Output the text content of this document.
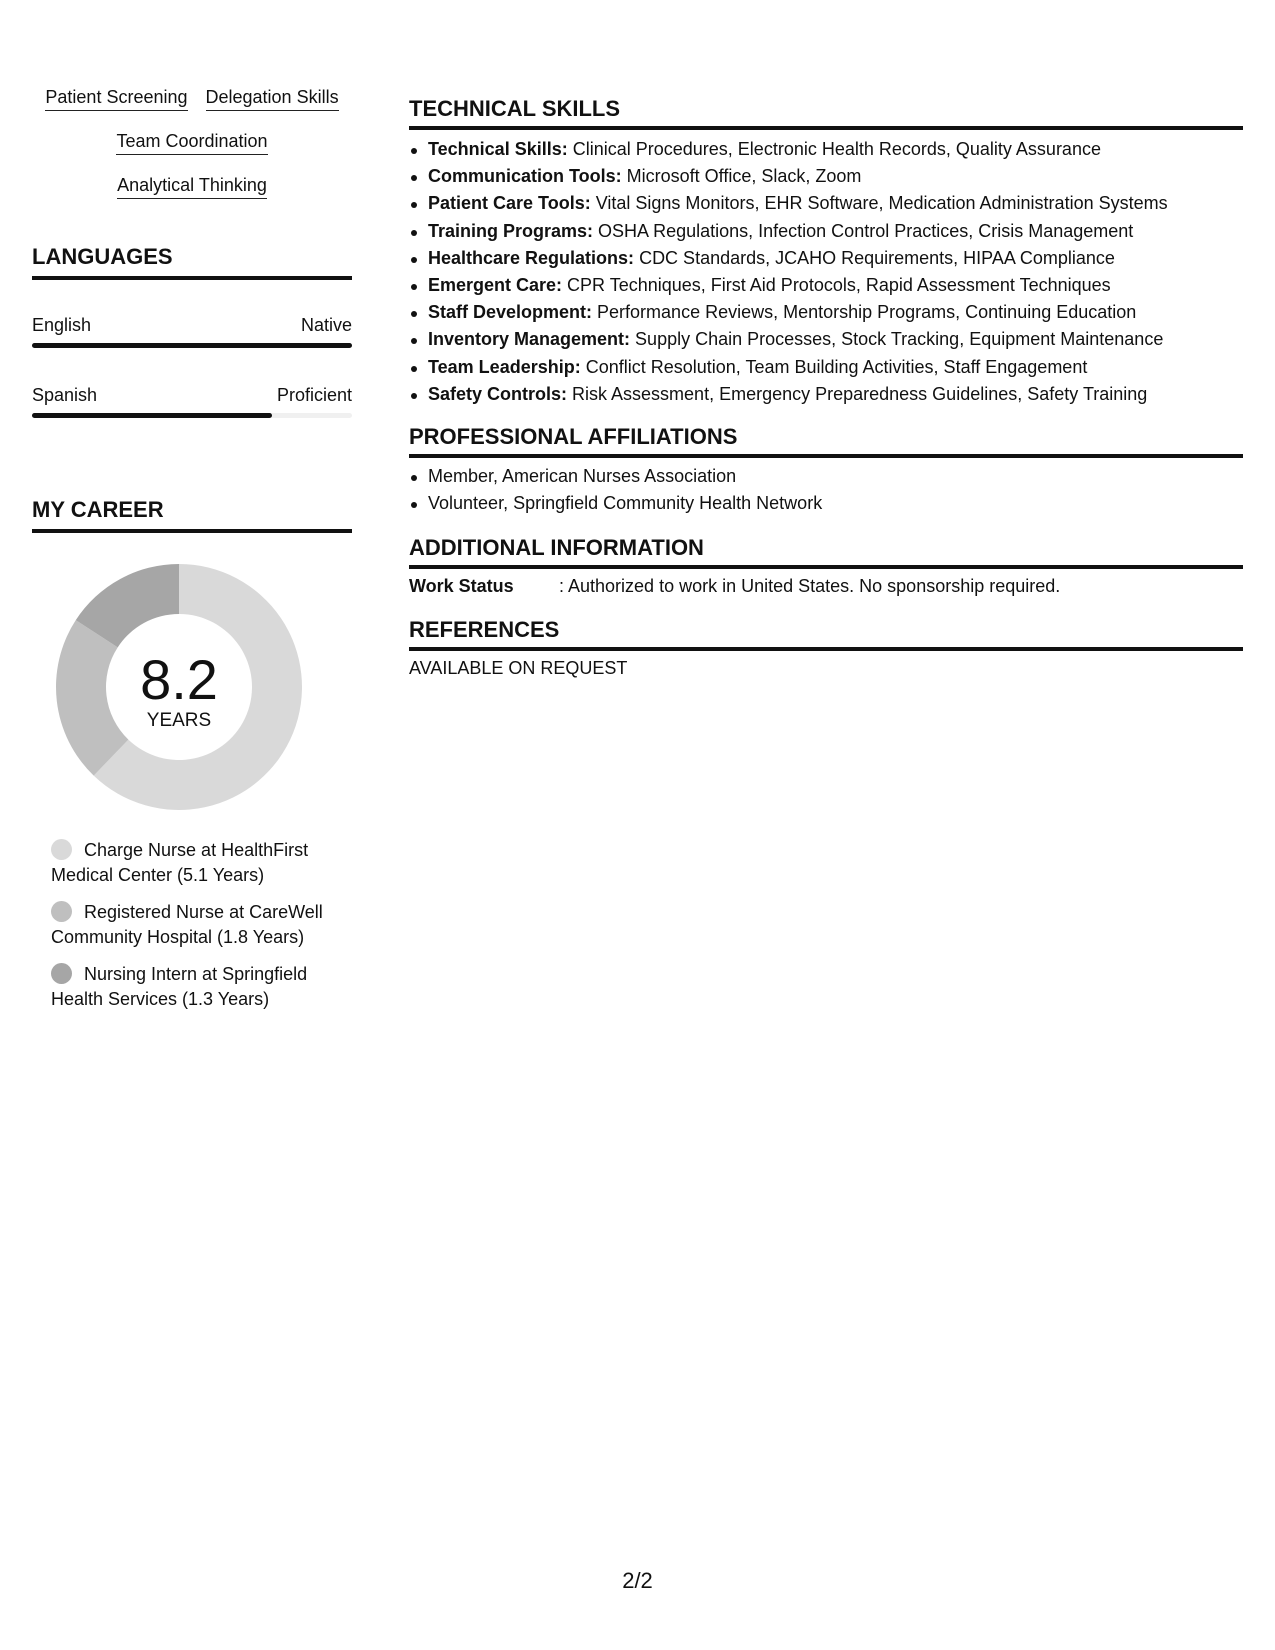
Patient Screening Delegation Skills
Team Coordination
Analytical Thinking
LANGUAGES
English	Native
Spanish	Proficient
MY CAREER
8.2
YEARS
Charge Nurse at HealthFirst Medical Center (5.1 Years)
Registered Nurse at CareWell Community Hospital (1.8 Years)
Nursing Intern at Springfield Health Services (1.3 Years)
TECHNICAL SKILLS
Technical Skills: Clinical Procedures, Electronic Health Records, Quality Assurance
Communication Tools: Microsoft Office, Slack, Zoom
Patient Care Tools: Vital Signs Monitors, EHR Software, Medication Administration Systems
Training Programs: OSHA Regulations, Infection Control Practices, Crisis Management
Healthcare Regulations: CDC Standards, JCAHO Requirements, HIPAA Compliance
Emergent Care: CPR Techniques, First Aid Protocols, Rapid Assessment Techniques
Staff Development: Performance Reviews, Mentorship Programs, Continuing Education
Inventory Management: Supply Chain Processes, Stock Tracking, Equipment Maintenance
Team Leadership: Conflict Resolution, Team Building Activities, Staff Engagement
Safety Controls: Risk Assessment, Emergency Preparedness Guidelines, Safety Training
PROFESSIONAL AFFILIATIONS
Member, American Nurses Association
Volunteer, Springfield Community Health Network
ADDITIONAL INFORMATION
Work Status	: Authorized to work in United States. No sponsorship required.
REFERENCES
AVAILABLE ON REQUEST
2/2
